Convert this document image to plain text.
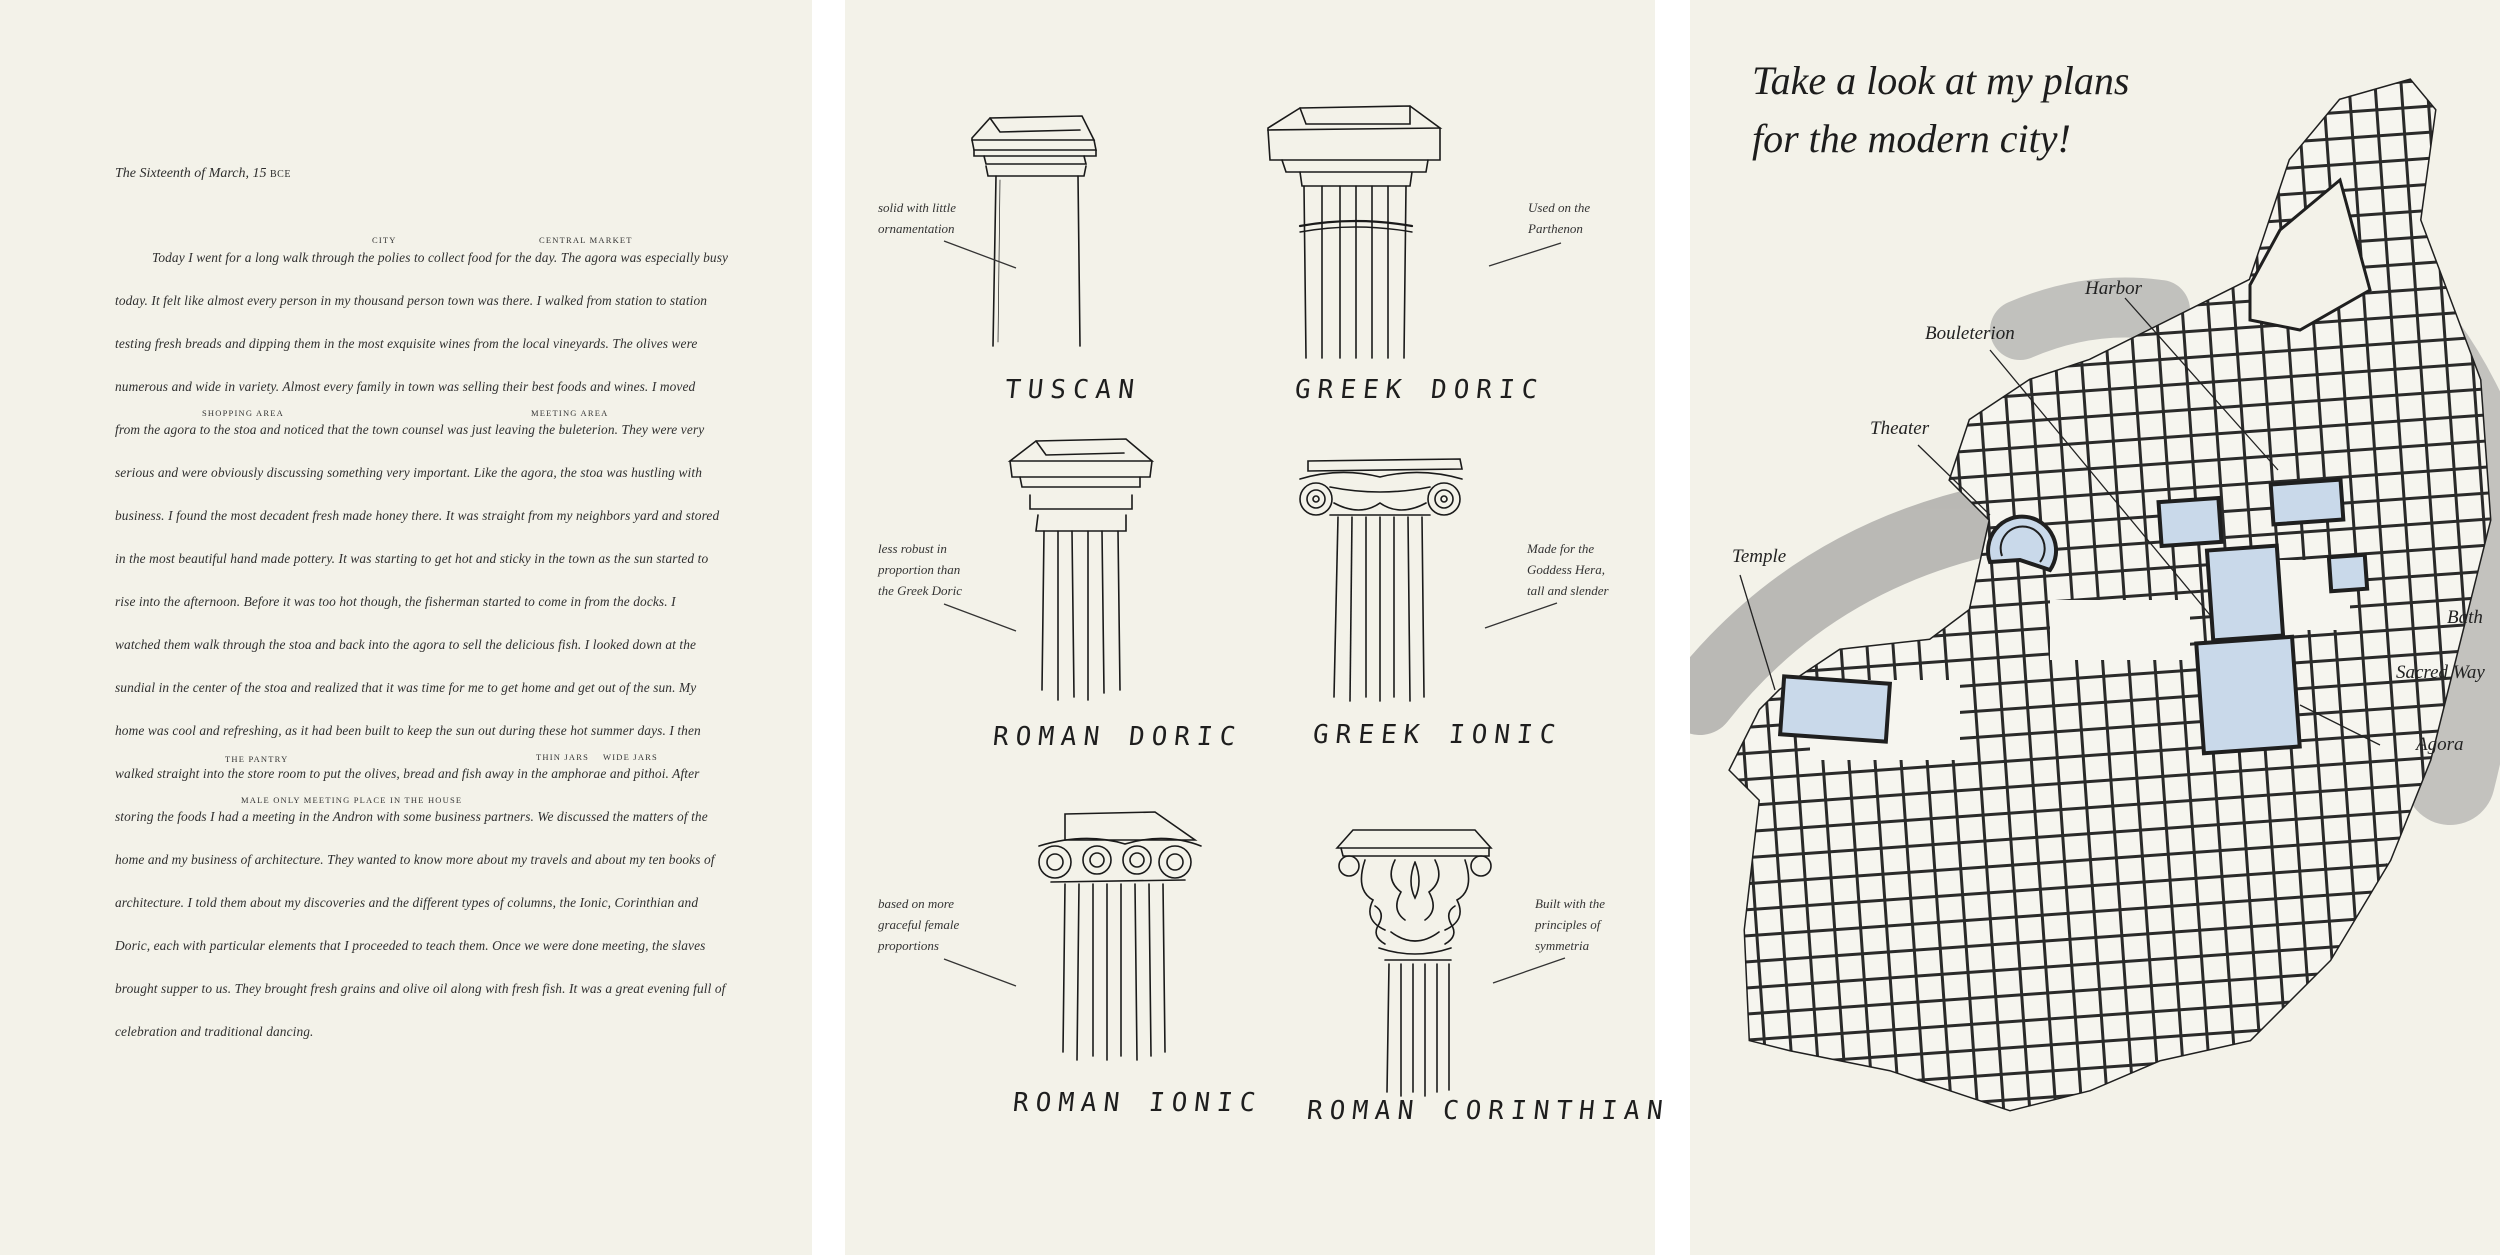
The Sixteenth of March, 15 BCE
CITY	CENTRAL MARKET
SHOPPING AREA	MEETING AREA
THE PANTRY	THIN JARS WIDE JARS
MALE ONLY MEETING PLACE IN THE HOUSE
Today I went for a long walk through the polies to collect food for the day. The agora was especially busy
today. It felt like almost every person in my thousand person town was there. I walked from station to station
testing fresh breads and dipping them in the most exquisite wines from the local vineyards. The olives were
numerous and wide in variety. Almost every family in town was selling their best foods and wines. I moved
from the agora to the stoa and noticed that the town counsel was just leaving the buleterion. They were very
serious and were obviously discussing something very important. Like the agora, the stoa was hustling with
business. I found the most decadent fresh made honey there. It was straight from my neighbors yard and stored
in the most beautiful hand made pottery. It was starting to get hot and sticky in the town as the sun started to
rise into the afternoon. Before it was too hot though, the fisherman started to come in from the docks. I
watched them walk through the stoa and back into the agora to sell the delicious fish. I looked down at the
sundial in the center of the stoa and realized that it was time for me to get home and get out of the sun. My
home was cool and refreshing, as it had been built to keep the sun out during these hot summer days. I then
walked straight into the store room to put the olives, bread and fish away in the amphorae and pithoi. After
storing the foods I had a meeting in the Andron with some business partners. We discussed the matters of the
home and my business of architecture. They wanted to know more about my travels and about my ten books of
architecture. I told them about my discoveries and the different types of columns, the Ionic, Corinthian and
Doric, each with particular elements that I proceeded to teach them. Once we were done meeting, the slaves
brought supper to us. They brought fresh grains and olive oil along with fresh fish. It was a great evening full of
celebration and traditional dancing.
TUSCAN
solid with little
ornamentation
GREEK DORIC
Used on the
Parthenon
ROMAN DORIC
less robust in
proportion than
the Greek Doric
GREEK IONIC
Made for the
Goddess Hera,
tall and slender
ROMAN IONIC
based on more
graceful female
proportions
ROMAN CORINTHIAN
Built with the
principles of
symmetria
Take a look at my plans
for the modern city!
Harbor
Bouleterion
Theater
Temple
Bath
Sacred Way
Agora
